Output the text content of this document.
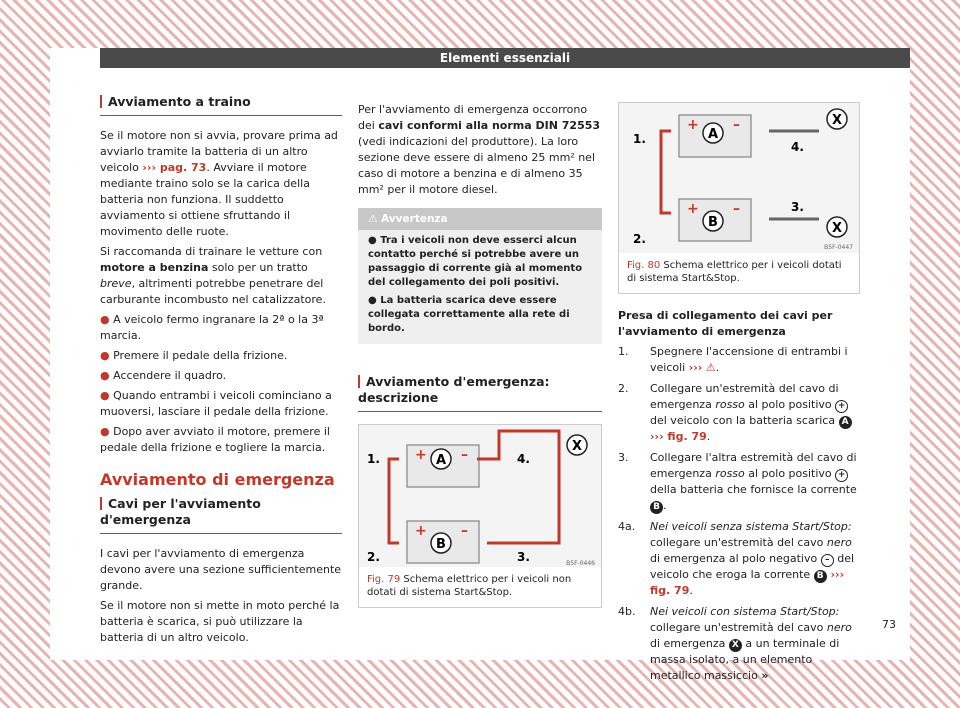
Elementi essenziali
Avviamento a traino

Se il motore non si avvia, provare prima ad avviarlo tramite la batteria di un altro veicolo ››› pag. 73. Avviare il motore mediante traino solo se la carica della batteria non funziona. Il suddetto avviamento si ottiene sfruttando il movimento delle ruote.

Si raccomanda di trainare le vetture con motore a benzina solo per un tratto breve, altrimenti potrebbe penetrare del carburante incombusto nel catalizzatore.

● A veicolo fermo ingranare la 2ª o la 3ª marcia.

● Premere il pedale della frizione.

● Accendere il quadro.

● Quando entrambi i veicoli cominciano a muoversi, lasciare il pedale della frizione.

● Dopo aver avviato il motore, premere il pedale della frizione e togliere la marcia.

Avviamento di emergenza
Cavi per l'avviamento d'emergenza

I cavi per l'avviamento di emergenza devono avere una sezione sufficientemente grande.

Se il motore non si mette in moto perché la batteria è scarica, si può utilizzare la batteria di un altro veicolo.

Per l'avviamento di emergenza occorrono dei cavi conformi alla norma DIN 72553 (vedi indicazioni del produttore). La loro sezione deve essere di almeno 25 mm² nel caso di motore a benzina e di almeno 35 mm² per il motore diesel.

⚠ Avvertenza
● Tra i veicoli non deve esserci alcun contatto perché si potrebbe avere un passaggio di corrente già al momento del collegamento dei poli positivi.
● La batteria scarica deve essere collegata correttamente alla rete di bordo.
Avviamento d'emergenza: descrizione
+ –
+ –
A
B
X
1.
2.	3.
4.
B5F-0446
Fig. 79 Schema elettrico per i veicoli non dotati di sistema Start&Stop.
+ –
+ –
A
B
X
X
1.
2.
3.
4.
B5F-0447
Fig. 80 Schema elettrico per i veicoli dotati di sistema Start&Stop.

Presa di collegamento dei cavi per l'avviamento di emergenza

1. Spegnere l'accensione di entrambi i veicoli ››› ⚠.
2. Collegare un'estremità del cavo di emergenza rosso al polo positivo + del veicolo con la batteria scarica A ››› fig. 79.
3. Collegare l'altra estremità del cavo di emergenza rosso al polo positivo + della batteria che fornisce la corrente B .
4a. Nei veicoli senza sistema Start/Stop: collegare un'estremità del cavo nero di emergenza al polo negativo – del veicolo che eroga la corrente B ››› fig. 79.
4b. Nei veicoli con sistema Start/Stop: collegare un'estremità del cavo nero di emergenza X a un terminale di massa isolato, a un elemento metallico massiccio »
73
